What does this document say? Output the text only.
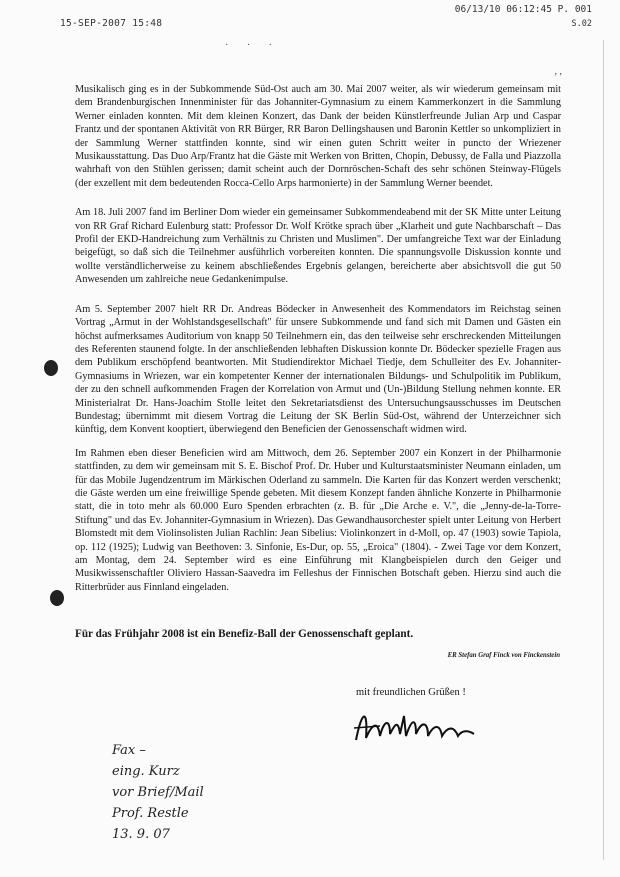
· · ·
15-SEP-2007 15:48
06/13/10 06:12:45 P. 001
S.02
, ,

Musikalisch ging es in der Subkommende Süd-Ost auch am 30. Mai 2007 weiter, als wir wiederum gemeinsam mit dem Brandenburgischen Innenminister für das Johanniter-Gymnasium zu einem Kammerkonzert in die Sammlung Werner einladen konnten. Mit dem kleinen Konzert, das Dank der beiden Künstlerfreunde Julian Arp und Caspar Frantz und der spontanen Aktivität von RR Bürger, RR Baron Dellingshausen und Baronin Kettler so unkompliziert in der Sammlung Werner stattfinden konnte, sind wir einen guten Schritt weiter in puncto der Wriezener Musikausstattung. Das Duo Arp/Frantz hat die Gäste mit Werken von Britten, Chopin, Debussy, de Falla und Piazzolla wahrhaft von den Stühlen gerissen; damit scheint auch der Dornröschen-Schaft des sehr schönen Steinway-Flügels (der exzellent mit dem bedeutenden Rocca-Cello Arps harmonierte) in der Sammlung Werner beendet.

Am 18. Juli 2007 fand im Berliner Dom wieder ein gemeinsamer Subkommendeabend mit der SK Mitte unter Leitung von RR Graf Richard Eulenburg statt: Professor Dr. Wolf Krötke sprach über „Klarheit und gute Nachbarschaft – Das Profil der EKD-Handreichung zum Verhältnis zu Christen und Muslimen". Der umfangreiche Text war der Einladung beigefügt, so daß sich die Teilnehmer ausführlich vorbereiten konnten. Die spannungsvolle Diskussion konnte und wollte verständlicherweise zu keinem abschließendes Ergebnis gelangen, bereicherte aber absichtsvoll die gut 50 Anwesenden um zahlreiche neue Gedankenimpulse.

Am 5. September 2007 hielt RR Dr. Andreas Bödecker in Anwesenheit des Kommendators im Reichstag seinen Vortrag „Armut in der Wohlstandsgesellschaft" für unsere Subkommende und fand sich mit Damen und Gästen ein höchst aufmerksames Auditorium von knapp 50 Teilnehmern ein, das den teilweise sehr erschreckenden Mitteilungen des Referenten staunend folgte. In der anschließenden lebhaften Diskussion konnte Dr. Bödecker spezielle Fragen aus dem Publikum erschöpfend beantworten. Mit Studiendirektor Michael Tiedje, dem Schulleiter des Ev. Johanniter-Gymnasiums in Wriezen, war ein kompetenter Kenner der internationalen Bildungs- und Schulpolitik im Publikum, der zu den schnell aufkommenden Fragen der Korrelation von Armut und (Un-)Bildung Stellung nehmen konnte. ER Ministerialrat Dr. Hans-Joachim Stolle leitet den Sekretariatsdienst des Untersuchungsausschusses im Deutschen Bundestag; übernimmt mit diesem Vortrag die Leitung der SK Berlin Süd-Ost, während der Unterzeichner sich künftig, dem Konvent kooptiert, überwiegend den Beneficien der Genossenschaft widmen wird.

Im Rahmen eben dieser Beneficien wird am Mittwoch, dem 26. September 2007 ein Konzert in der Philharmonie stattfinden, zu dem wir gemeinsam mit S. E. Bischof Prof. Dr. Huber und Kulturstaatsminister Neumann einladen, um für das Mobile Jugendzentrum im Märkischen Oderland zu sammeln. Die Karten für das Konzert werden verschenkt; die Gäste werden um eine freiwillige Spende gebeten. Mit diesem Konzept fanden ähnliche Konzerte in Philharmonie statt, die in toto mehr als 60.000 Euro Spenden erbrachten (z. B. für „Die Arche e. V.", die „Jenny-de-la-Torre-Stiftung" und das Ev. Johanniter-Gymnasium in Wriezen). Das Gewandhausorchester spielt unter Leitung von Herbert Blomstedt mit dem Violinsolisten Julian Rachlin: Jean Sibelius: Violinkonzert in d-Moll, op. 47 (1903) sowie Tapiola, op. 112 (1925); Ludwig van Beethoven: 3. Sinfonie, Es-Dur, op. 55, „Eroica" (1804). - Zwei Tage vor dem Konzert, am Montag, dem 24. September wird es eine Einführung mit Klangbeispielen durch den Geiger und Musikwissenschaftler Oliviero Hassan-Saavedra im Felleshus der Finnischen Botschaft geben. Hierzu sind auch die Ritterbrüder aus Finnland eingeladen.

Für das Frühjahr 2008 ist ein Benefiz-Ball der Genossenschaft geplant.
ER Stefan Graf Finck von Finckenstein
mit freundlichen Grüßen !
Fax –
eing. Kurz
vor Brief/Mail
Prof. Restle
13. 9. 07
